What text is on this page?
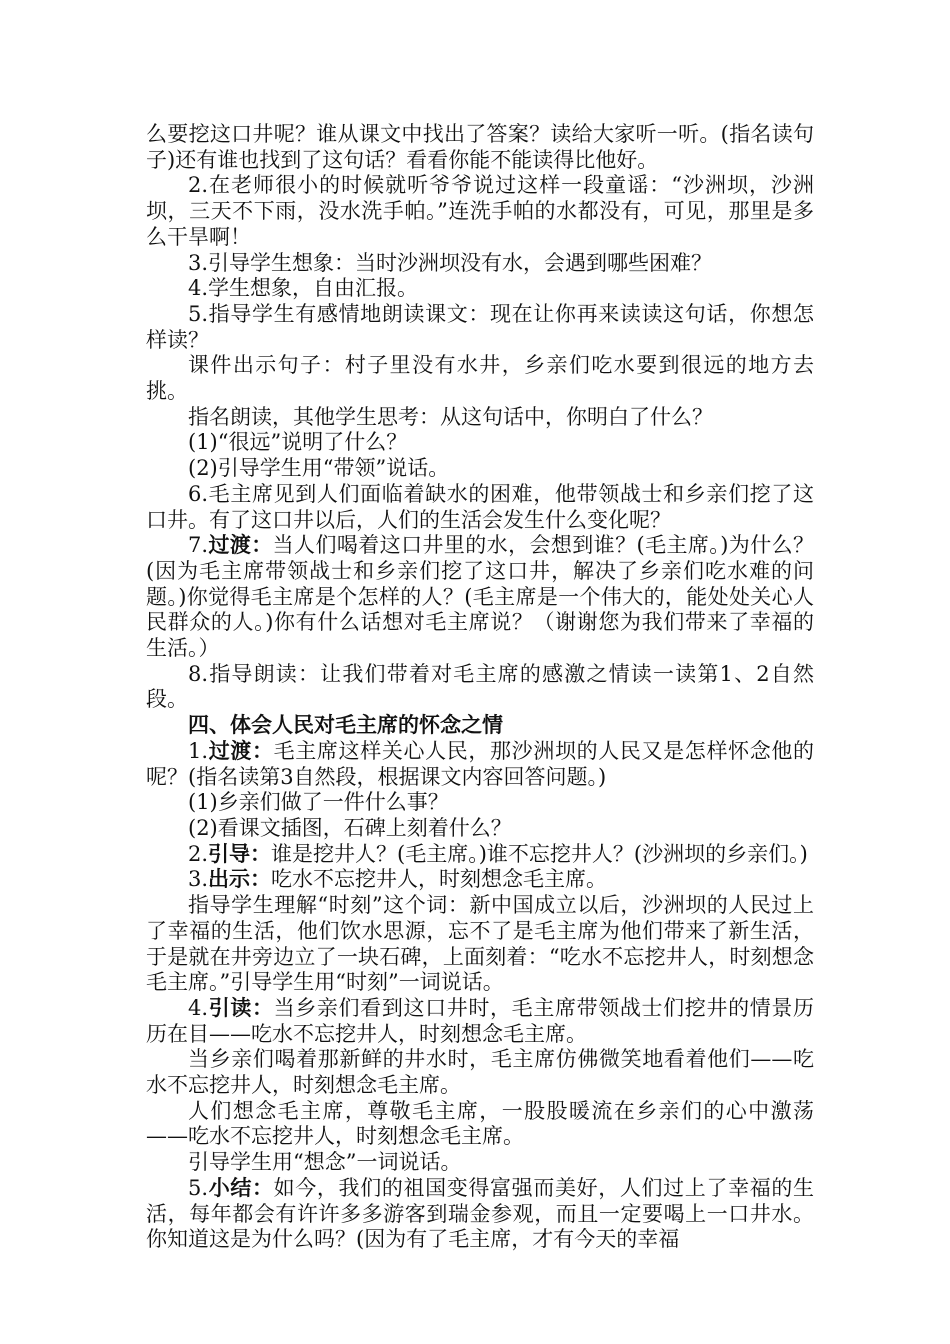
么要挖这口井呢？谁从课文中找出了答案？读给大家听一听。(指名读句子)还有谁也找到了这句话？看看你能不能读得比他好。

2.在老师很小的时候就听爷爷说过这样一段童谣：“沙洲坝，沙洲坝，三天不下雨，没水洗手帕。”连洗手帕的水都没有，可见，那里是多么干旱啊！

3.引导学生想象：当时沙洲坝没有水，会遇到哪些困难？

4.学生想象，自由汇报。

5.指导学生有感情地朗读课文：现在让你再来读读这句话，你想怎样读？

课件出示句子：村子里没有水井，乡亲们吃水要到很远的地方去挑。

指名朗读，其他学生思考：从这句话中，你明白了什么？

(1)“很远”说明了什么？

(2)引导学生用“带领”说话。

6.毛主席见到人们面临着缺水的困难，他带领战士和乡亲们挖了这口井。有了这口井以后，人们的生活会发生什么变化呢？

7.过渡：当人们喝着这口井里的水，会想到谁？(毛主席。)为什么？(因为毛主席带领战士和乡亲们挖了这口井，解决了乡亲们吃水难的问题。)你觉得毛主席是个怎样的人？(毛主席是一个伟大的，能处处关心人民群众的人。)你有什么话想对毛主席说？（谢谢您为我们带来了幸福的生活。）

8.指导朗读：让我们带着对毛主席的感激之情读一读第1、2自然段。

四、体会人民对毛主席的怀念之情

1.过渡：毛主席这样关心人民，那沙洲坝的人民又是怎样怀念他的呢？(指名读第3自然段，根据课文内容回答问题。)

(1)乡亲们做了一件什么事？

(2)看课文插图，石碑上刻着什么？

2.引导：谁是挖井人？(毛主席。)谁不忘挖井人？(沙洲坝的乡亲们。)

3.出示：吃水不忘挖井人，时刻想念毛主席。

指导学生理解“时刻”这个词：新中国成立以后，沙洲坝的人民过上了幸福的生活，他们饮水思源，忘不了是毛主席为他们带来了新生活，于是就在井旁边立了一块石碑，上面刻着：“吃水不忘挖井人，时刻想念毛主席。”引导学生用“时刻”一词说话。

4.引读：当乡亲们看到这口井时，毛主席带领战士们挖井的情景历历在目——吃水不忘挖井人，时刻想念毛主席。

当乡亲们喝着那新鲜的井水时，毛主席仿佛微笑地看着他们——吃水不忘挖井人，时刻想念毛主席。

人们想念毛主席，尊敬毛主席，一股股暖流在乡亲们的心中激荡——吃水不忘挖井人，时刻想念毛主席。

引导学生用“想念”一词说话。

5.小结：如今，我们的祖国变得富强而美好，人们过上了幸福的生活，每年都会有许许多多游客到瑞金参观，而且一定要喝上一口井水。你知道这是为什么吗？(因为有了毛主席，才有今天的幸福
